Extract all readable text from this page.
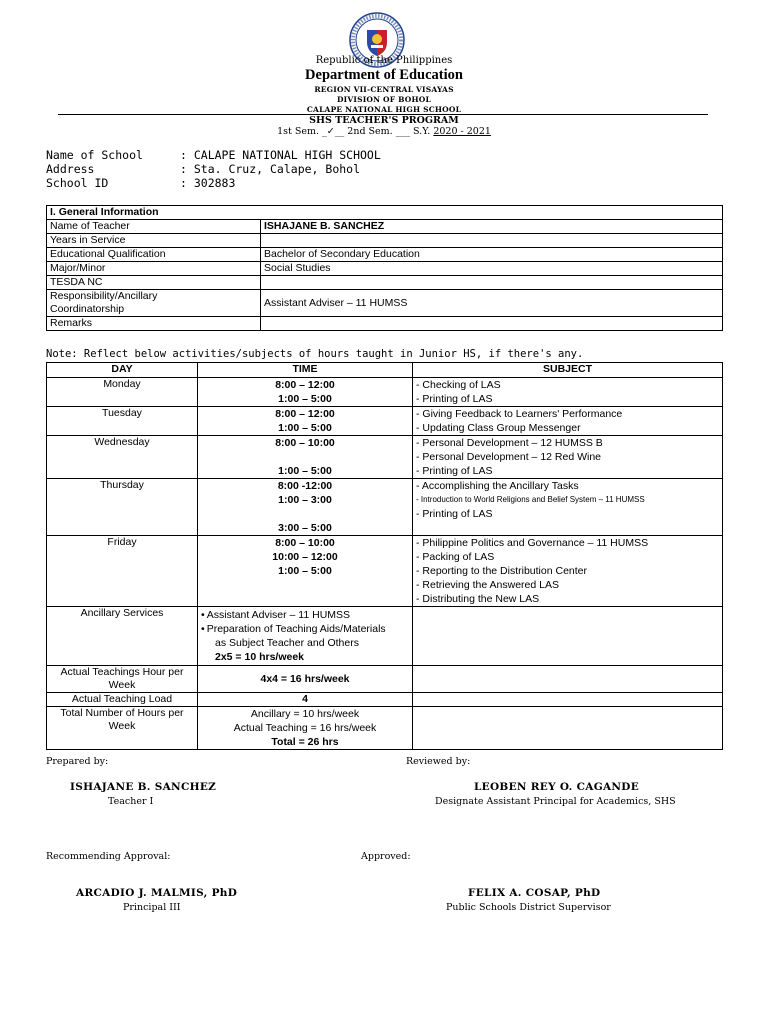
Republic of the Philippines
Department of Education
REGION VII-CENTRAL VISAYAS
DIVISION OF BOHOL
CALAPE NATIONAL HIGH SCHOOL
SHS TEACHER'S PROGRAM
1st Sem. _✓__ 2nd Sem. ___ S.Y. 2020 - 2021
Name of School	: CALAPE NATIONAL HIGH SCHOOL
Address	: Sta. Cruz, Calape, Bohol
School ID	: 302883
I. General Information	
Name of Teacher	ISHAJANE B. SANCHEZ
Years in Service	
Educational Qualification	Bachelor of Secondary Education
Major/Minor	Social Studies
TESDA NC	

Responsibility/Ancillary
Coordinatorship	Assistant Adviser – 11 HUMSS
Remarks	
Note: Reflect below activities/subjects of hours taught in Junior HS, if there's any.
DAY	TIME	SUBJECT
Monday	8:00 – 12:00
1:00 – 5:00	- Checking of LAS
- Printing of LAS

Tuesday	8:00 – 12:00
1:00 – 5:00	- Giving Feedback to Learners' Performance
- Updating Class Group Messenger

Wednesday	8:00 – 10:00
1:00 – 5:00	- Personal Development – 12 HUMSS B
- Personal Development – 12 Red Wine
- Printing of LAS

Thursday	8:00 -12:00
1:00 – 3:00
3:00 – 5:00	- Accomplishing the Ancillary Tasks
- Introduction to World Religions and Belief System – 11 HUMSS
- Printing of LAS

Friday	8:00 – 10:00
10:00 – 12:00
1:00 – 5:00	- Philippine Politics and Governance – 11 HUMSS
- Packing of LAS
- Reporting to the Distribution Center
- Retrieving the Answered LAS
- Distributing the New LAS

Ancillary Services	• Assistant Adviser – 11 HUMSS
• Preparation of Teaching Aids/Materials
as Subject Teacher and Others
2x5 = 10 hrs/week

Actual Teachings Hour per
Week	4x4 = 16 hrs/week	
Actual Teaching Load	4	

Total Number of Hours per
Week	Ancillary = 10 hrs/week
Actual Teaching = 16 hrs/week
Total = 26 hrs	

Prepared by:
ISHAJANE B. SANCHEZ
Teacher I
Reviewed by:
LEOBEN REY O. CAGANDE
Designate Assistant Principal for Academics, SHS
Recommending Approval:
ARCADIO J. MALMIS, PhD
Principal III
Approved:
FELIX A. COSAP, PhD
Public Schools District Supervisor
